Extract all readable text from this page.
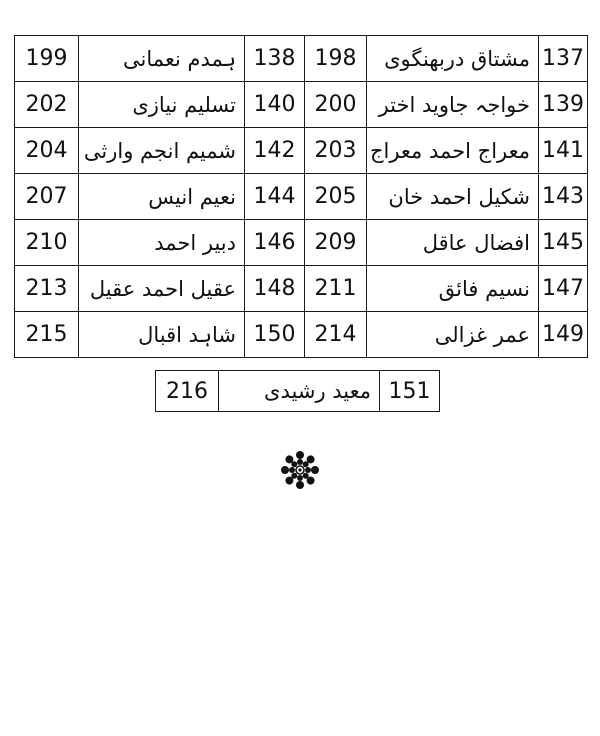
199	ہمدم نعمانی	138	198	مشتاق دربھنگوی	137
202	تسلیم نیازی	140	200	خواجہ جاوید اختر	139
204	شمیم انجم وارثی	142	203	معراج احمد معراج	141
207	نعیم انیس	144	205	شکیل احمد خان	143
210	دبیر احمد	146	209	افضال عاقل	145
213	عقیل احمد عقیل	148	211	نسیم فائق	147
215	شاہد اقبال	150	214	عمر غزالی	149
216	معید رشیدی	151
